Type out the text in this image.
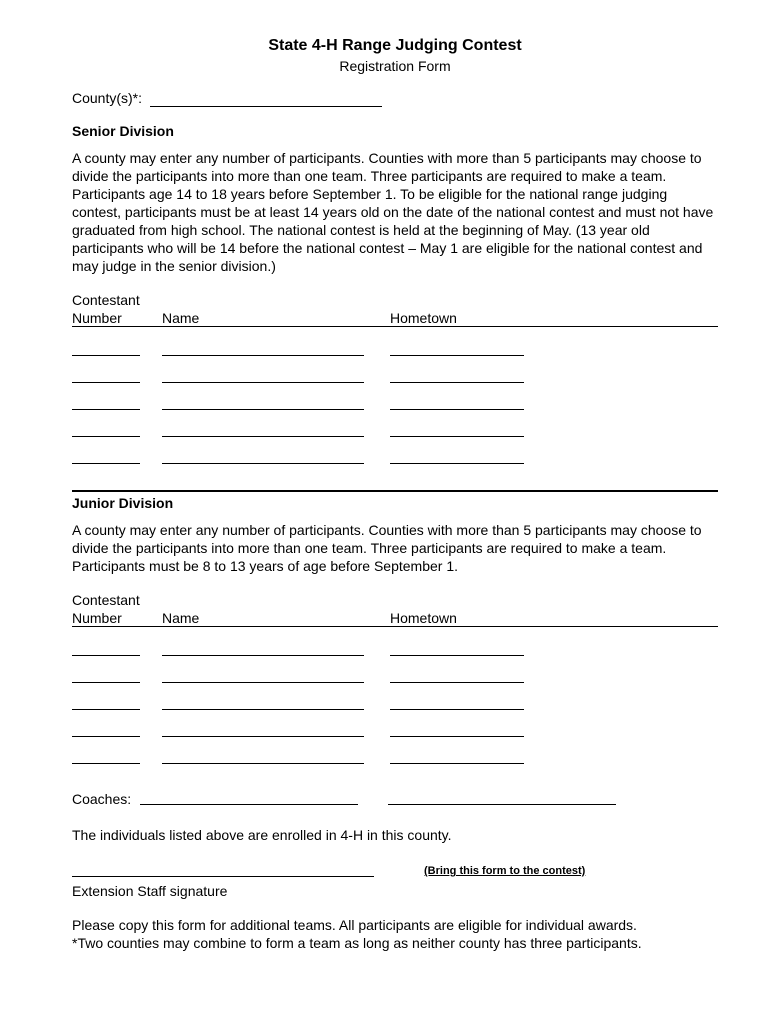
State 4-H Range Judging Contest
Registration Form
County(s)*:
Senior Division

A county may enter any number of participants. Counties with more than 5 participants may choose to divide the participants into more than one team. Three participants are required to make a team. Participants age 14 to 18 years before September 1. To be eligible for the national range judging contest, participants must be at least 14 years old on the date of the national contest and must not have graduated from high school. The national contest is held at the beginning of May. (13 year old participants who will be 14 before the national contest – May 1 are eligible for the national contest and may judge in the senior division.)

Contestant
Number	Name	Hometown
Junior Division

A county may enter any number of participants. Counties with more than 5 participants may choose to divide the participants into more than one team. Three participants are required to make a team. Participants must be 8 to 13 years of age before September 1.

Contestant
Number	Name	Hometown
Coaches:
The individuals listed above are enrolled in 4-H in this county.
(Bring this form to the contest)
Extension Staff signature
Please copy this form for additional teams. All participants are eligible for individual awards.
*Two counties may combine to form a team as long as neither county has three participants.
